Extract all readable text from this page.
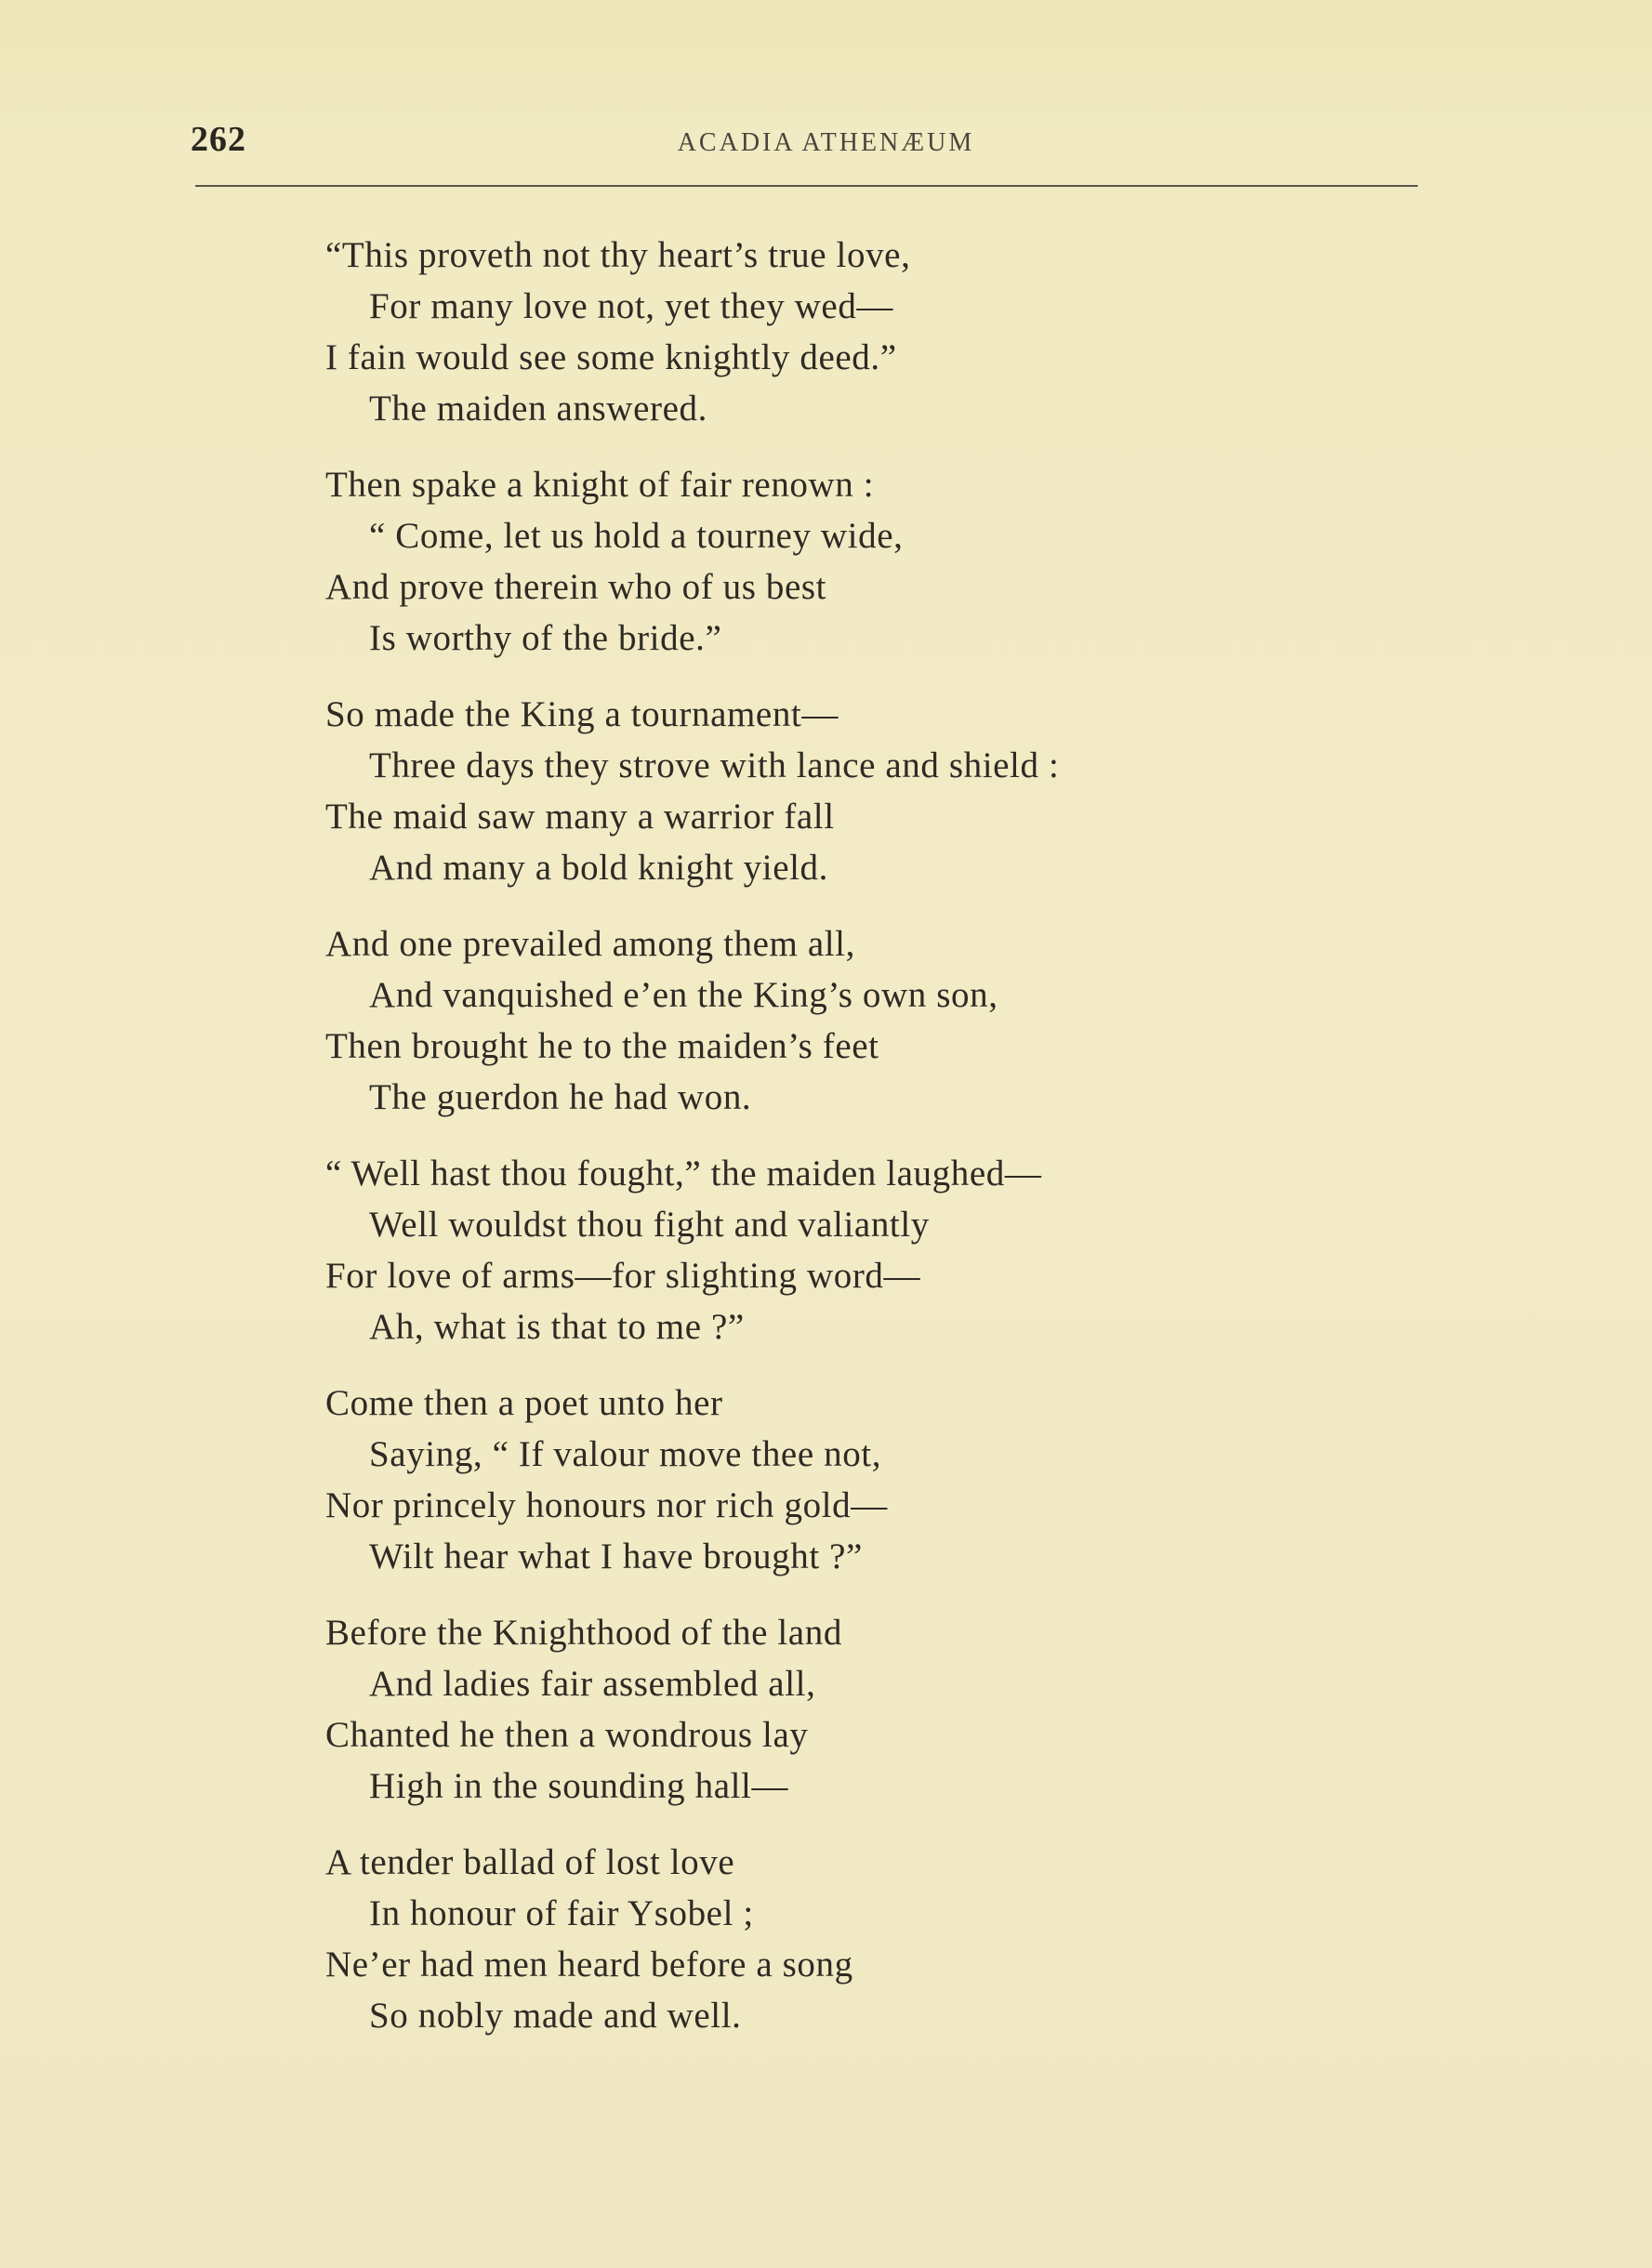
262	ACADIA ATHENÆUM
“This proveth not thy heart’s true love,
For many love not, yet they wed—
I fain would see some knightly deed.”
The maiden answered.
Then spake a knight of fair renown :
“ Come, let us hold a tourney wide,
And prove therein who of us best
Is worthy of the bride.”
So made the King a tournament—
Three days they strove with lance and shield :
The maid saw many a warrior fall
And many a bold knight yield.
And one prevailed among them all,
And vanquished e’en the King’s own son,
Then brought he to the maiden’s feet
The guerdon he had won.
“ Well hast thou fought,” the maiden laughed—
Well wouldst thou fight and valiantly
For love of arms—for slighting word—
Ah, what is that to me ?”
Come then a poet unto her
Saying, “ If valour move thee not,
Nor princely honours nor rich gold—
Wilt hear what I have brought ?”
Before the Knighthood of the land
And ladies fair assembled all,
Chanted he then a wondrous lay
High in the sounding hall—
A tender ballad of lost love
In honour of fair Ysobel ;
Ne’er had men heard before a song
So nobly made and well.
